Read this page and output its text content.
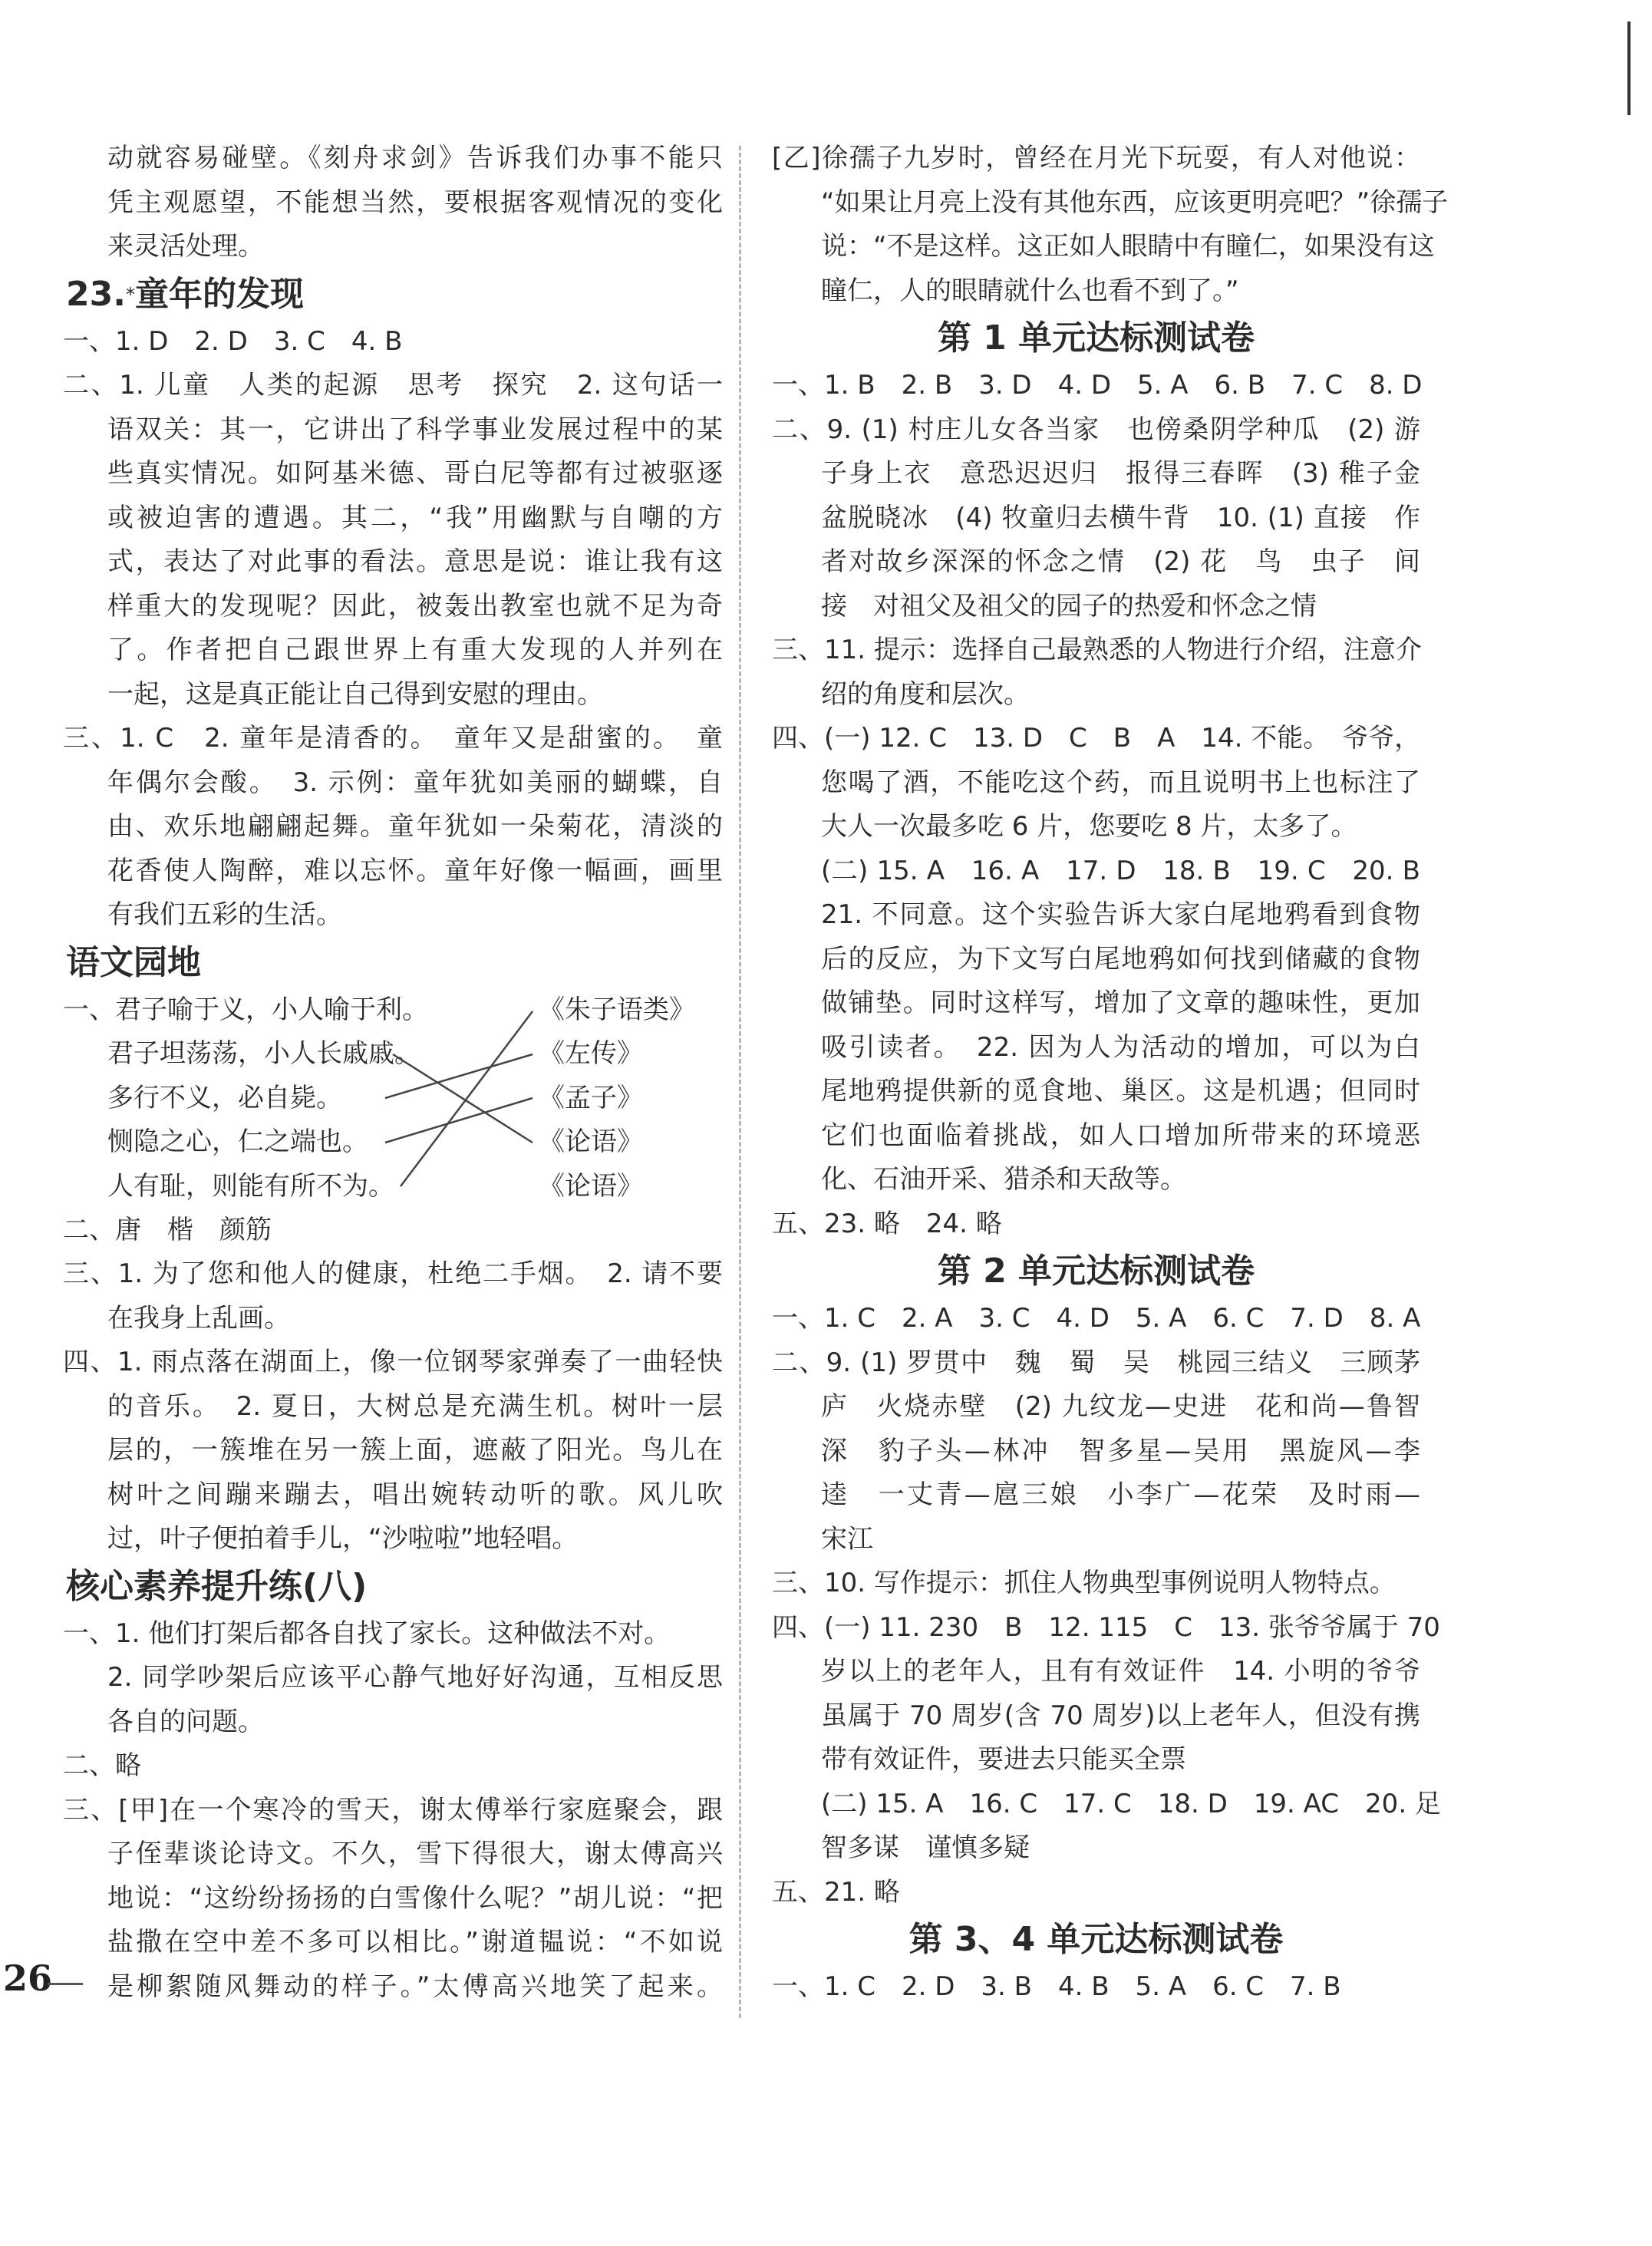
动就容易碰壁。《刻舟求剑》告诉我们办事不能只
凭主观愿望，不能想当然，要根据客观情况的变化
来灵活处理。
23.*童年的发现
一、1. D　2. D　3. C　4. B
二、1. 儿童　人类的起源　思考　探究　2. 这句话一
语双关：其一，它讲出了科学事业发展过程中的某
些真实情况。如阿基米德、哥白尼等都有过被驱逐
或被迫害的遭遇。其二，“我”用幽默与自嘲的方
式，表达了对此事的看法。意思是说：谁让我有这
样重大的发现呢？因此，被轰出教室也就不足为奇
了。作者把自己跟世界上有重大发现的人并列在
一起，这是真正能让自己得到安慰的理由。
三、1. C　2. 童年是清香的。　童年又是甜蜜的。　童
年偶尔会酸。　3. 示例：童年犹如美丽的蝴蝶，自
由、欢乐地翩翩起舞。童年犹如一朵菊花，清淡的
花香使人陶醉，难以忘怀。童年好像一幅画，画里
有我们五彩的生活。
语文园地
一、君子喻于义，小人喻于利。
君子坦荡荡，小人长戚戚。
多行不义，必自毙。
恻隐之心，仁之端也。
人有耻，则能有所不为。
《朱子语类》
《左传》
《孟子》
《论语》
《论语》
二、唐　楷　颜筋
三、1. 为了您和他人的健康，杜绝二手烟。　2. 请不要
在我身上乱画。
四、1. 雨点落在湖面上，像一位钢琴家弹奏了一曲轻快
的音乐。　2. 夏日，大树总是充满生机。树叶一层
层的，一簇堆在另一簇上面，遮蔽了阳光。鸟儿在
树叶之间蹦来蹦去，唱出婉转动听的歌。风儿吹
过，叶子便拍着手儿，“沙啦啦”地轻唱。
核心素养提升练(八)
一、1. 他们打架后都各自找了家长。这种做法不对。
2. 同学吵架后应该平心静气地好好沟通，互相反思
各自的问题。
二、略
三、[甲]在一个寒冷的雪天，谢太傅举行家庭聚会，跟
子侄辈谈论诗文。不久，雪下得很大，谢太傅高兴
地说：“这纷纷扬扬的白雪像什么呢？”胡儿说：“把
盐撒在空中差不多可以相比。”谢道韫说：“不如说
是柳絮随风舞动的样子。”太傅高兴地笑了起来。
[乙]徐孺子九岁时，曾经在月光下玩耍，有人对他说：
“如果让月亮上没有其他东西，应该更明亮吧？”徐孺子
说：“不是这样。这正如人眼睛中有瞳仁，如果没有这
瞳仁，人的眼睛就什么也看不到了。”
第 1 单元达标测试卷
一、1. B　2. B　3. D　4. D　5. A　6. B　7. C　8. D
二、9. (1) 村庄儿女各当家　也傍桑阴学种瓜　(2) 游
子身上衣　意恐迟迟归　报得三春晖　(3) 稚子金
盆脱晓冰　(4) 牧童归去横牛背　10. (1) 直接　作
者对故乡深深的怀念之情　(2) 花　鸟　虫子　间
接　对祖父及祖父的园子的热爱和怀念之情
三、11. 提示：选择自己最熟悉的人物进行介绍，注意介
绍的角度和层次。
四、(一) 12. C　13. D　C　B　A　14. 不能。　爷爷，
您喝了酒，不能吃这个药，而且说明书上也标注了
大人一次最多吃 6 片，您要吃 8 片，太多了。
(二) 15. A　16. A　17. D　18. B　19. C　20. B
21. 不同意。这个实验告诉大家白尾地鸦看到食物
后的反应，为下文写白尾地鸦如何找到储藏的食物
做铺垫。同时这样写，增加了文章的趣味性，更加
吸引读者。　22. 因为人为活动的增加，可以为白
尾地鸦提供新的觅食地、巢区。这是机遇；但同时
它们也面临着挑战，如人口增加所带来的环境恶
化、石油开采、猎杀和天敌等。
五、23. 略　24. 略
第 2 单元达标测试卷
一、1. C　2. A　3. C　4. D　5. A　6. C　7. D　8. A
二、9. (1) 罗贯中　魏　蜀　吴　桃园三结义　三顾茅
庐　火烧赤壁　(2) 九纹龙—史进　花和尚—鲁智
深　豹子头—林冲　智多星—吴用　黑旋风—李
逵　一丈青—扈三娘　小李广—花荣　及时雨—
宋江
三、10. 写作提示：抓住人物典型事例说明人物特点。
四、(一) 11. 230　B　12. 115　C　13. 张爷爷属于 70
岁以上的老年人，且有有效证件　14. 小明的爷爷
虽属于 70 周岁(含 70 周岁)以上老年人，但没有携
带有效证件，要进去只能买全票
(二) 15. A　16. C　17. C　18. D　19. AC　20. 足
智多谋　谨慎多疑
五、21. 略
第 3、4 单元达标测试卷
一、1. C　2. D　3. B　4. B　5. A　6. C　7. B
26
